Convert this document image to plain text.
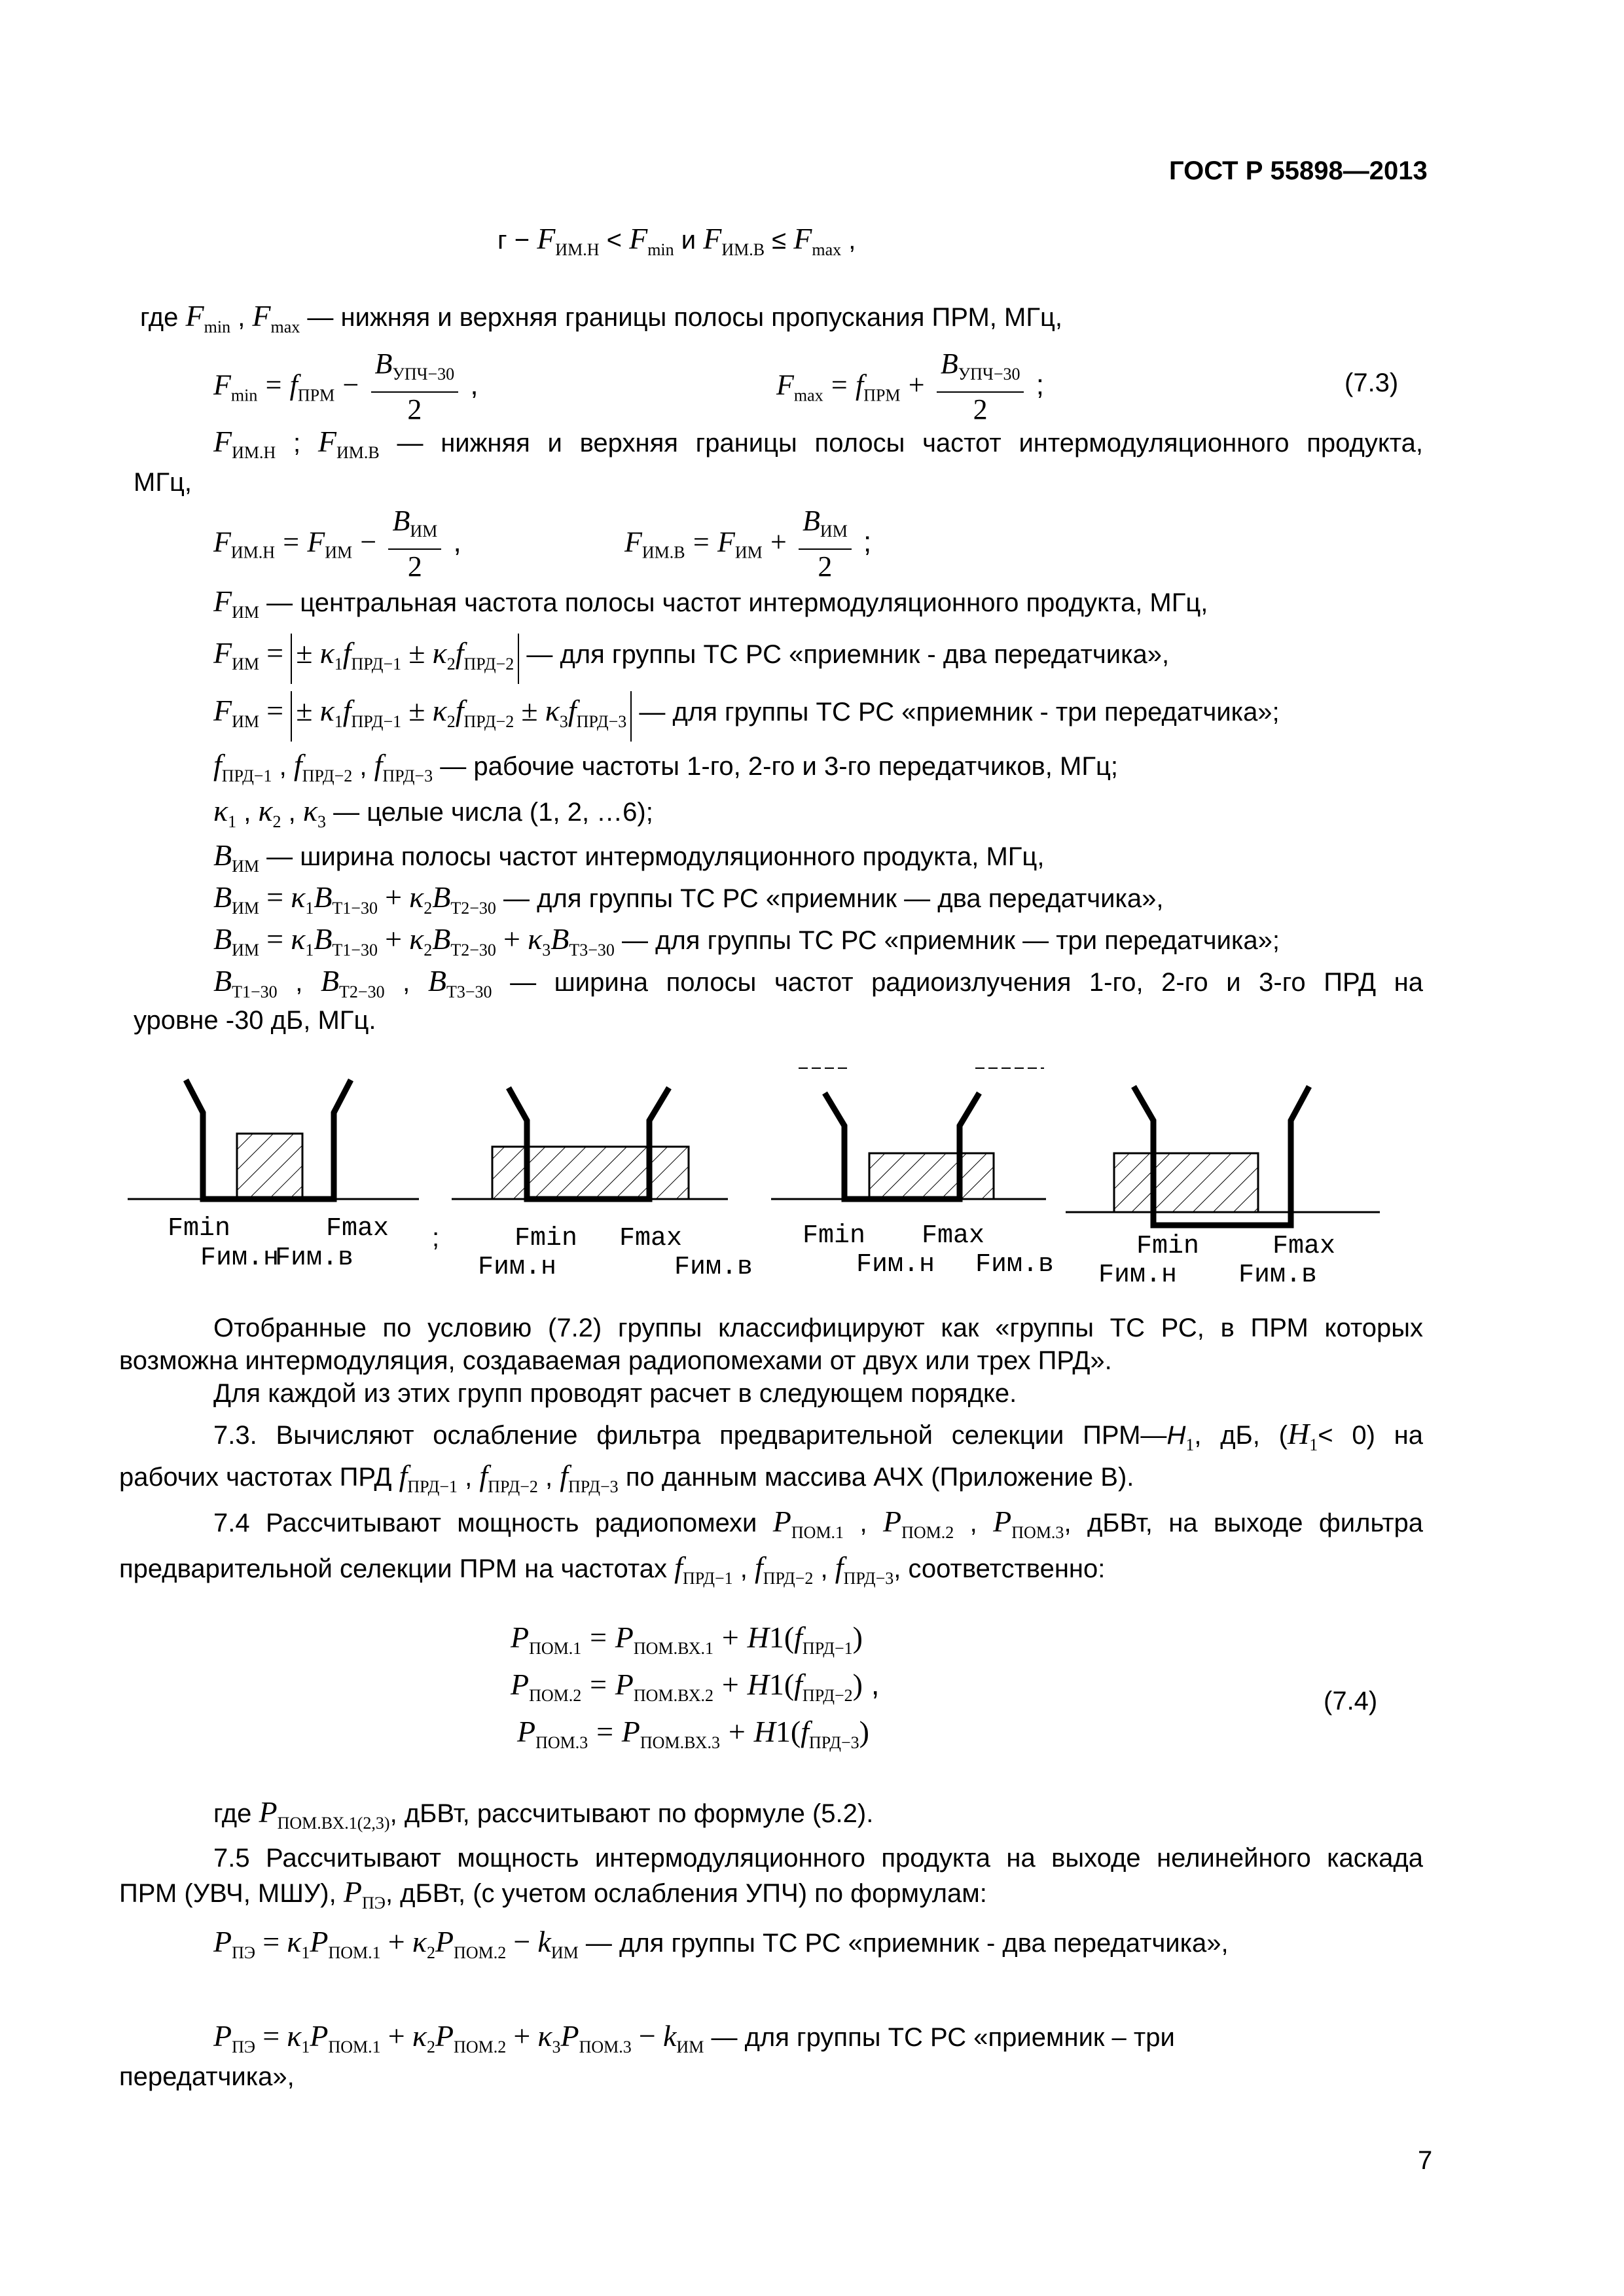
ГОСТ Р 55898—2013
$г - F_{ИМ.Н} < F_{min}$ и $F_{ИМ.В} \le F_{max}$ ,
где $F_{min}$ , $F_{max}$ — нижняя и верхняя границы полосы пропускания ПРМ, МГц,
$F_{min} = f_{ПРМ} - \frac{B_{УПЧ-30}}{2}$ ,	$F_{max} = f_{ПРМ} + \frac{B_{УПЧ-30}}{2}$ ;	(7.3)
$F_{ИМ.Н}$ ; $F_{ИМ.В}$ — нижняя и верхняя границы полосы частот интермодуляционного продукта,
МГц,
$F_{ИМ.Н} = F_{ИМ} - \frac{B_{ИМ}}{2}$ ,	$F_{ИМ.В} = F_{ИМ} + \frac{B_{ИМ}}{2}$ ;
$F_{ИМ}$ — центральная частота полосы частот интермодуляционного продукта, МГц,
$F_{ИМ}$ = ± $\kappa_1f_{ПРД-1} \pm \kappa_2f_{ПРД-2}$ — для группы ТС РС «приемник - два передатчика»,
$F_{ИМ}$ = ± $\kappa_1f_{ПРД-1} \pm \kappa_2f_{ПРД-2} \pm \kappa_3f_{ПРД-3}$ — для группы ТС РС «приемник - три передатчика»;
$f_{ПРД-1}$ , $f_{ПРД-2}$ , $f_{ПРД-3}$ — рабочие частоты 1-го, 2-го и 3-го передатчиков, МГц;
$\kappa_1$ , $\kappa_2$ , $\kappa_3$ — целые числа (1, 2, …6);
$B_{ИМ}$ — ширина полосы частот интермодуляционного продукта, МГц,
$B_{ИМ} = \kappa_1B_{Т1-30} + \kappa_2B_{Т2-30}$ — для группы ТС РС «приемник — два передатчика»,
$B_{ИМ} = \kappa_1B_{Т1-30} + \kappa_2B_{Т2-30} + \kappa_3B_{Т3-30}$ — для группы ТС РС «приемник — три передатчика»;
$B_{Т1-30}$ , $B_{Т2-30}$ , $B_{Т3-30}$ — ширина полосы частот радиоизлучения 1-го, 2-го и 3-го ПРД на
уровне -30 дБ, МГц.
Fmin	Fmax
Fим.н
Fим.в
;	Fmin Fmax
Fим.н	Fим.в
Fmin Fmax
Fим.н Fим.в
Fmin	Fmax
Fим.н Fим.в
Отобранные по условию (7.2) группы классифицируют как «группы ТС РС, в ПРМ которых
возможна интермодуляция, создаваемая радиопомехами от двух или трех ПРД».
Для каждой из этих групп проводят расчет в следующем порядке.
7.3. Вычисляют ослабление фильтра предварительной селекции $ПРМ—H_1$, дБ, $(H_1< 0)$ на
рабочих частотах ПРД $f_{ПРД-1}$ , $f_{ПРД-2}$ , $f_{ПРД-3}$ по данным массива АЧХ (Приложение В).
7.4 Рассчитывают мощность радиопомехи $P_{ПОМ.1}$ , $P_{ПОМ.2}$ , $P_{ПОМ.3}$, дБВт, на выходе фильтра
предварительной селекции ПРМ на частотах $f_{ПРД-1}$ , $f_{ПРД-2}$ , $f_{ПРД-3}$, соответственно:
$P_{ПОМ.1} = P_{ПОМ.ВХ.1} + H1(f_{ПРД-1})$
$P_{ПОМ.2} = P_{ПОМ.ВХ.2} + H1(f_{ПРД-2})$ ,
$P_{ПОМ.3} = P_{ПОМ.ВХ.3} + H1(f_{ПРД-3})$
(7.4)
где $P_{ПОМ.ВХ.1(2,3)}$, дБВт, рассчитывают по формуле (5.2).
7.5 Рассчитывают мощность интермодуляционного продукта на выходе нелинейного каскада
ПРМ (УВЧ, МШУ), $P_{ПЭ}$, дБВт, (с учетом ослабления УПЧ) по формулам:
$P_{ПЭ} = \kappa_1P_{ПОМ.1} + \kappa_2P_{ПОМ.2} - k_{ИМ}$ — для группы ТС РС «приемник - два передатчика»,
$P_{ПЭ} = \kappa_1P_{ПОМ.1} + \kappa_2P_{ПОМ.2} + \kappa_3P_{ПОМ.3} - k_{ИМ}$ — для группы ТС РС «приемник – три
передатчика»,
7
